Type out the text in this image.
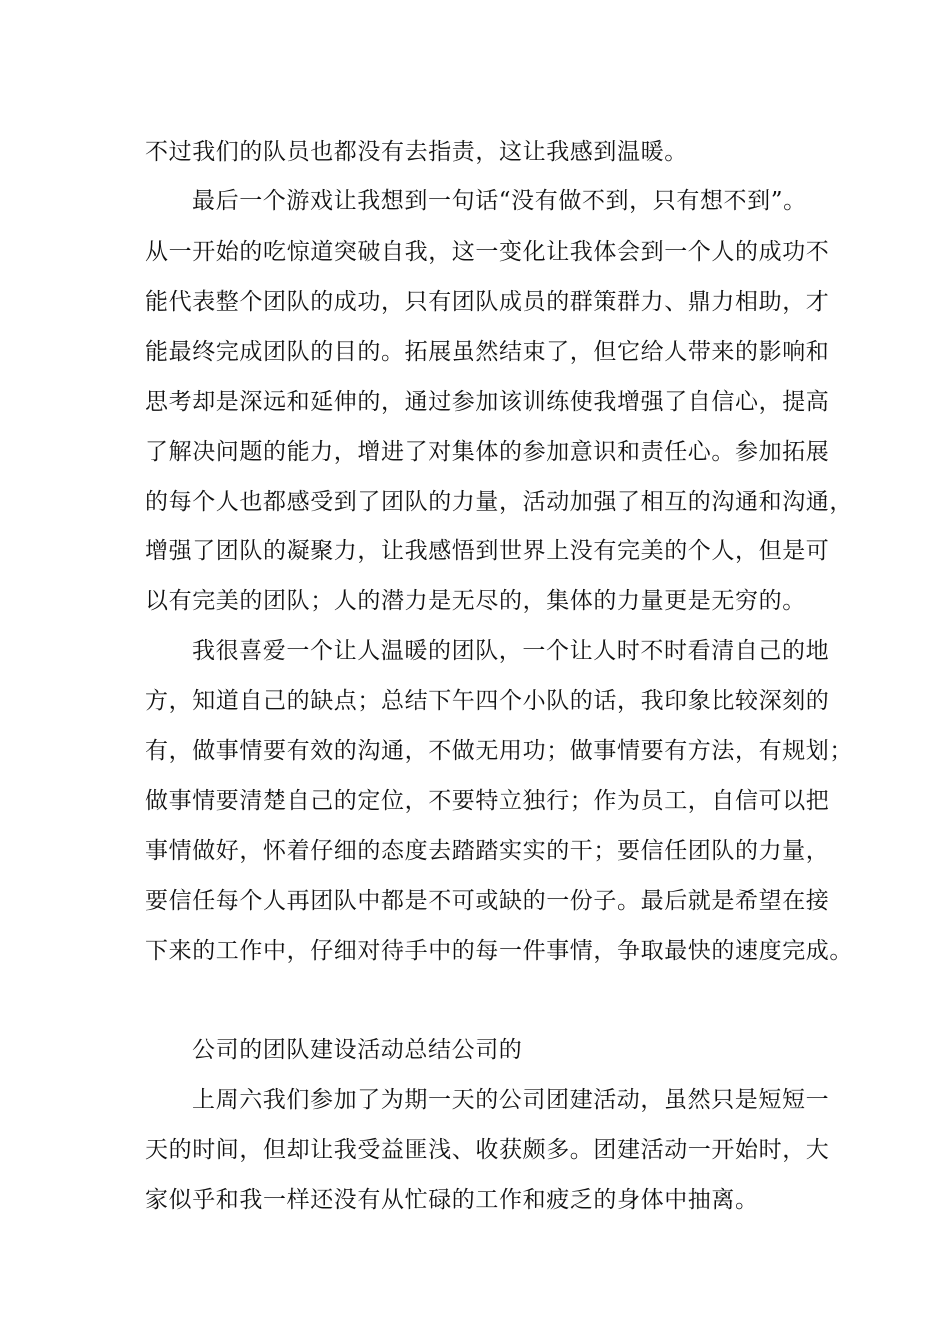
不过我们的队员也都没有去指责，这让我感到温暖。
最后一个游戏让我想到一句话“没有做不到，只有想不到”。
从一开始的吃惊道突破自我，这一变化让我体会到一个人的成功不
能代表整个团队的成功，只有团队成员的群策群力、鼎力相助，才
能最终完成团队的目的。拓展虽然结束了，但它给人带来的影响和
思考却是深远和延伸的，通过参加该训练使我增强了自信心，提高
了解决问题的能力，增进了对集体的参加意识和责任心。参加拓展
的每个人也都感受到了团队的力量，活动加强了相互的沟通和沟通，
增强了团队的凝聚力，让我感悟到世界上没有完美的个人，但是可
以有完美的团队；人的潜力是无尽的，集体的力量更是无穷的。
我很喜爱一个让人温暖的团队，一个让人时不时看清自己的地
方，知道自己的缺点；总结下午四个小队的话，我印象比较深刻的
有，做事情要有效的沟通，不做无用功；做事情要有方法，有规划；
做事情要清楚自己的定位，不要特立独行；作为员工，自信可以把
事情做好，怀着仔细的态度去踏踏实实的干；要信任团队的力量，
要信任每个人再团队中都是不可或缺的一份子。最后就是希望在接
下来的工作中，仔细对待手中的每一件事情，争取最快的速度完成。
公司的团队建设活动总结公司的
上周六我们参加了为期一天的公司团建活动，虽然只是短短一
天的时间，但却让我受益匪浅、收获颇多。团建活动一开始时，大
家似乎和我一样还没有从忙碌的工作和疲乏的身体中抽离。
